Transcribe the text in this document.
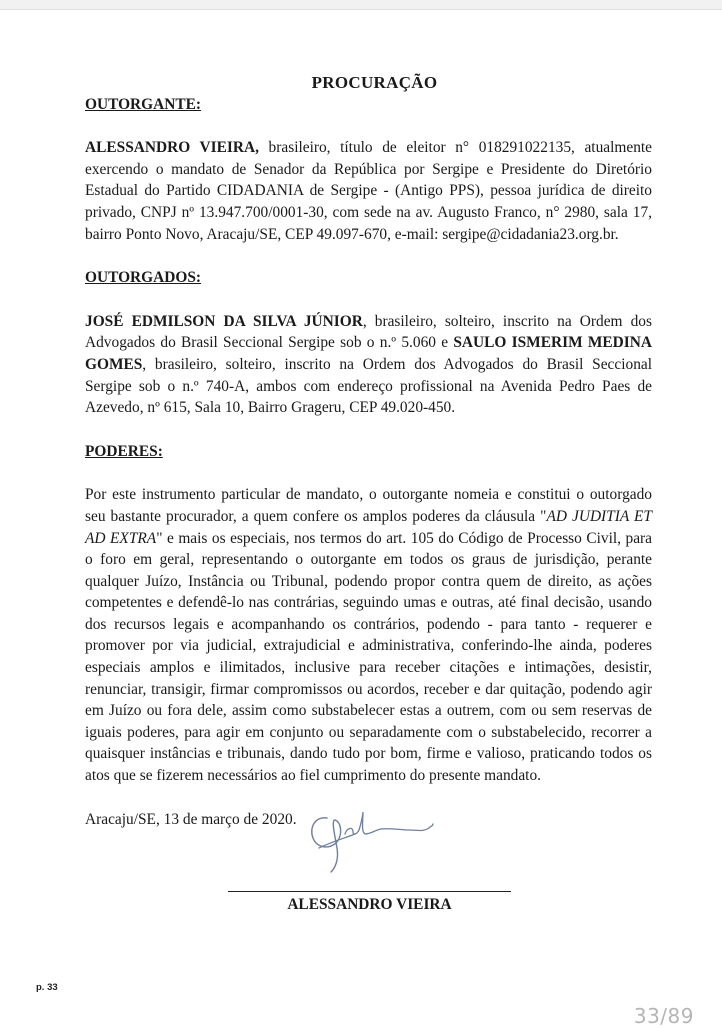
PROCURAÇÃO
OUTORGANTE:

ALESSANDRO VIEIRA, brasileiro, título de eleitor n° 018291022135, atualmente exercendo o mandato de Senador da República por Sergipe e Presidente do Diretório Estadual do Partido CIDADANIA de Sergipe - (Antigo PPS), pessoa jurídica de direito privado, CNPJ nº 13.947.700/0001-30, com sede na av. Augusto Franco, n° 2980, sala 17, bairro Ponto Novo, Aracaju/SE, CEP 49.097-670, e-mail: sergipe@cidadania23.org.br.

OUTORGADOS:

JOSÉ EDMILSON DA SILVA JÚNIOR, brasileiro, solteiro, inscrito na Ordem dos Advogados do Brasil Seccional Sergipe sob o n.º 5.060 e SAULO ISMERIM MEDINA GOMES, brasileiro, solteiro, inscrito na Ordem dos Advogados do Brasil Seccional Sergipe sob o n.º 740-A, ambos com endereço profissional na Avenida Pedro Paes de Azevedo, nº 615, Sala 10, Bairro Grageru, CEP 49.020-450.

PODERES:

Por este instrumento particular de mandato, o outorgante nomeia e constitui o outorgado seu bastante procurador, a quem confere os amplos poderes da cláusula "AD JUDITIA ET AD EXTRA" e mais os especiais, nos termos do art. 105 do Código de Processo Civil, para o foro em geral, representando o outorgante em todos os graus de jurisdição, perante qualquer Juízo, Instância ou Tribunal, podendo propor contra quem de direito, as ações competentes e defendê-lo nas contrárias, seguindo umas e outras, até final decisão, usando dos recursos legais e acompanhando os contrários, podendo - para tanto - requerer e promover por via judicial, extrajudicial e administrativa, conferindo-lhe ainda, poderes especiais amplos e ilimitados, inclusive para receber citações e intimações, desistir, renunciar, transigir, firmar compromissos ou acordos, receber e dar quitação, podendo agir em Juízo ou fora dele, assim como substabelecer estas a outrem, com ou sem reservas de iguais poderes, para agir em conjunto ou separadamente com o substabelecido, recorrer a quaisquer instâncias e tribunais, dando tudo por bom, firme e valioso, praticando todos os atos que se fizerem necessários ao fiel cumprimento do presente mandato.

Aracaju/SE, 13 de março de 2020.

ALESSANDRO VIEIRA
p. 33
33/89
